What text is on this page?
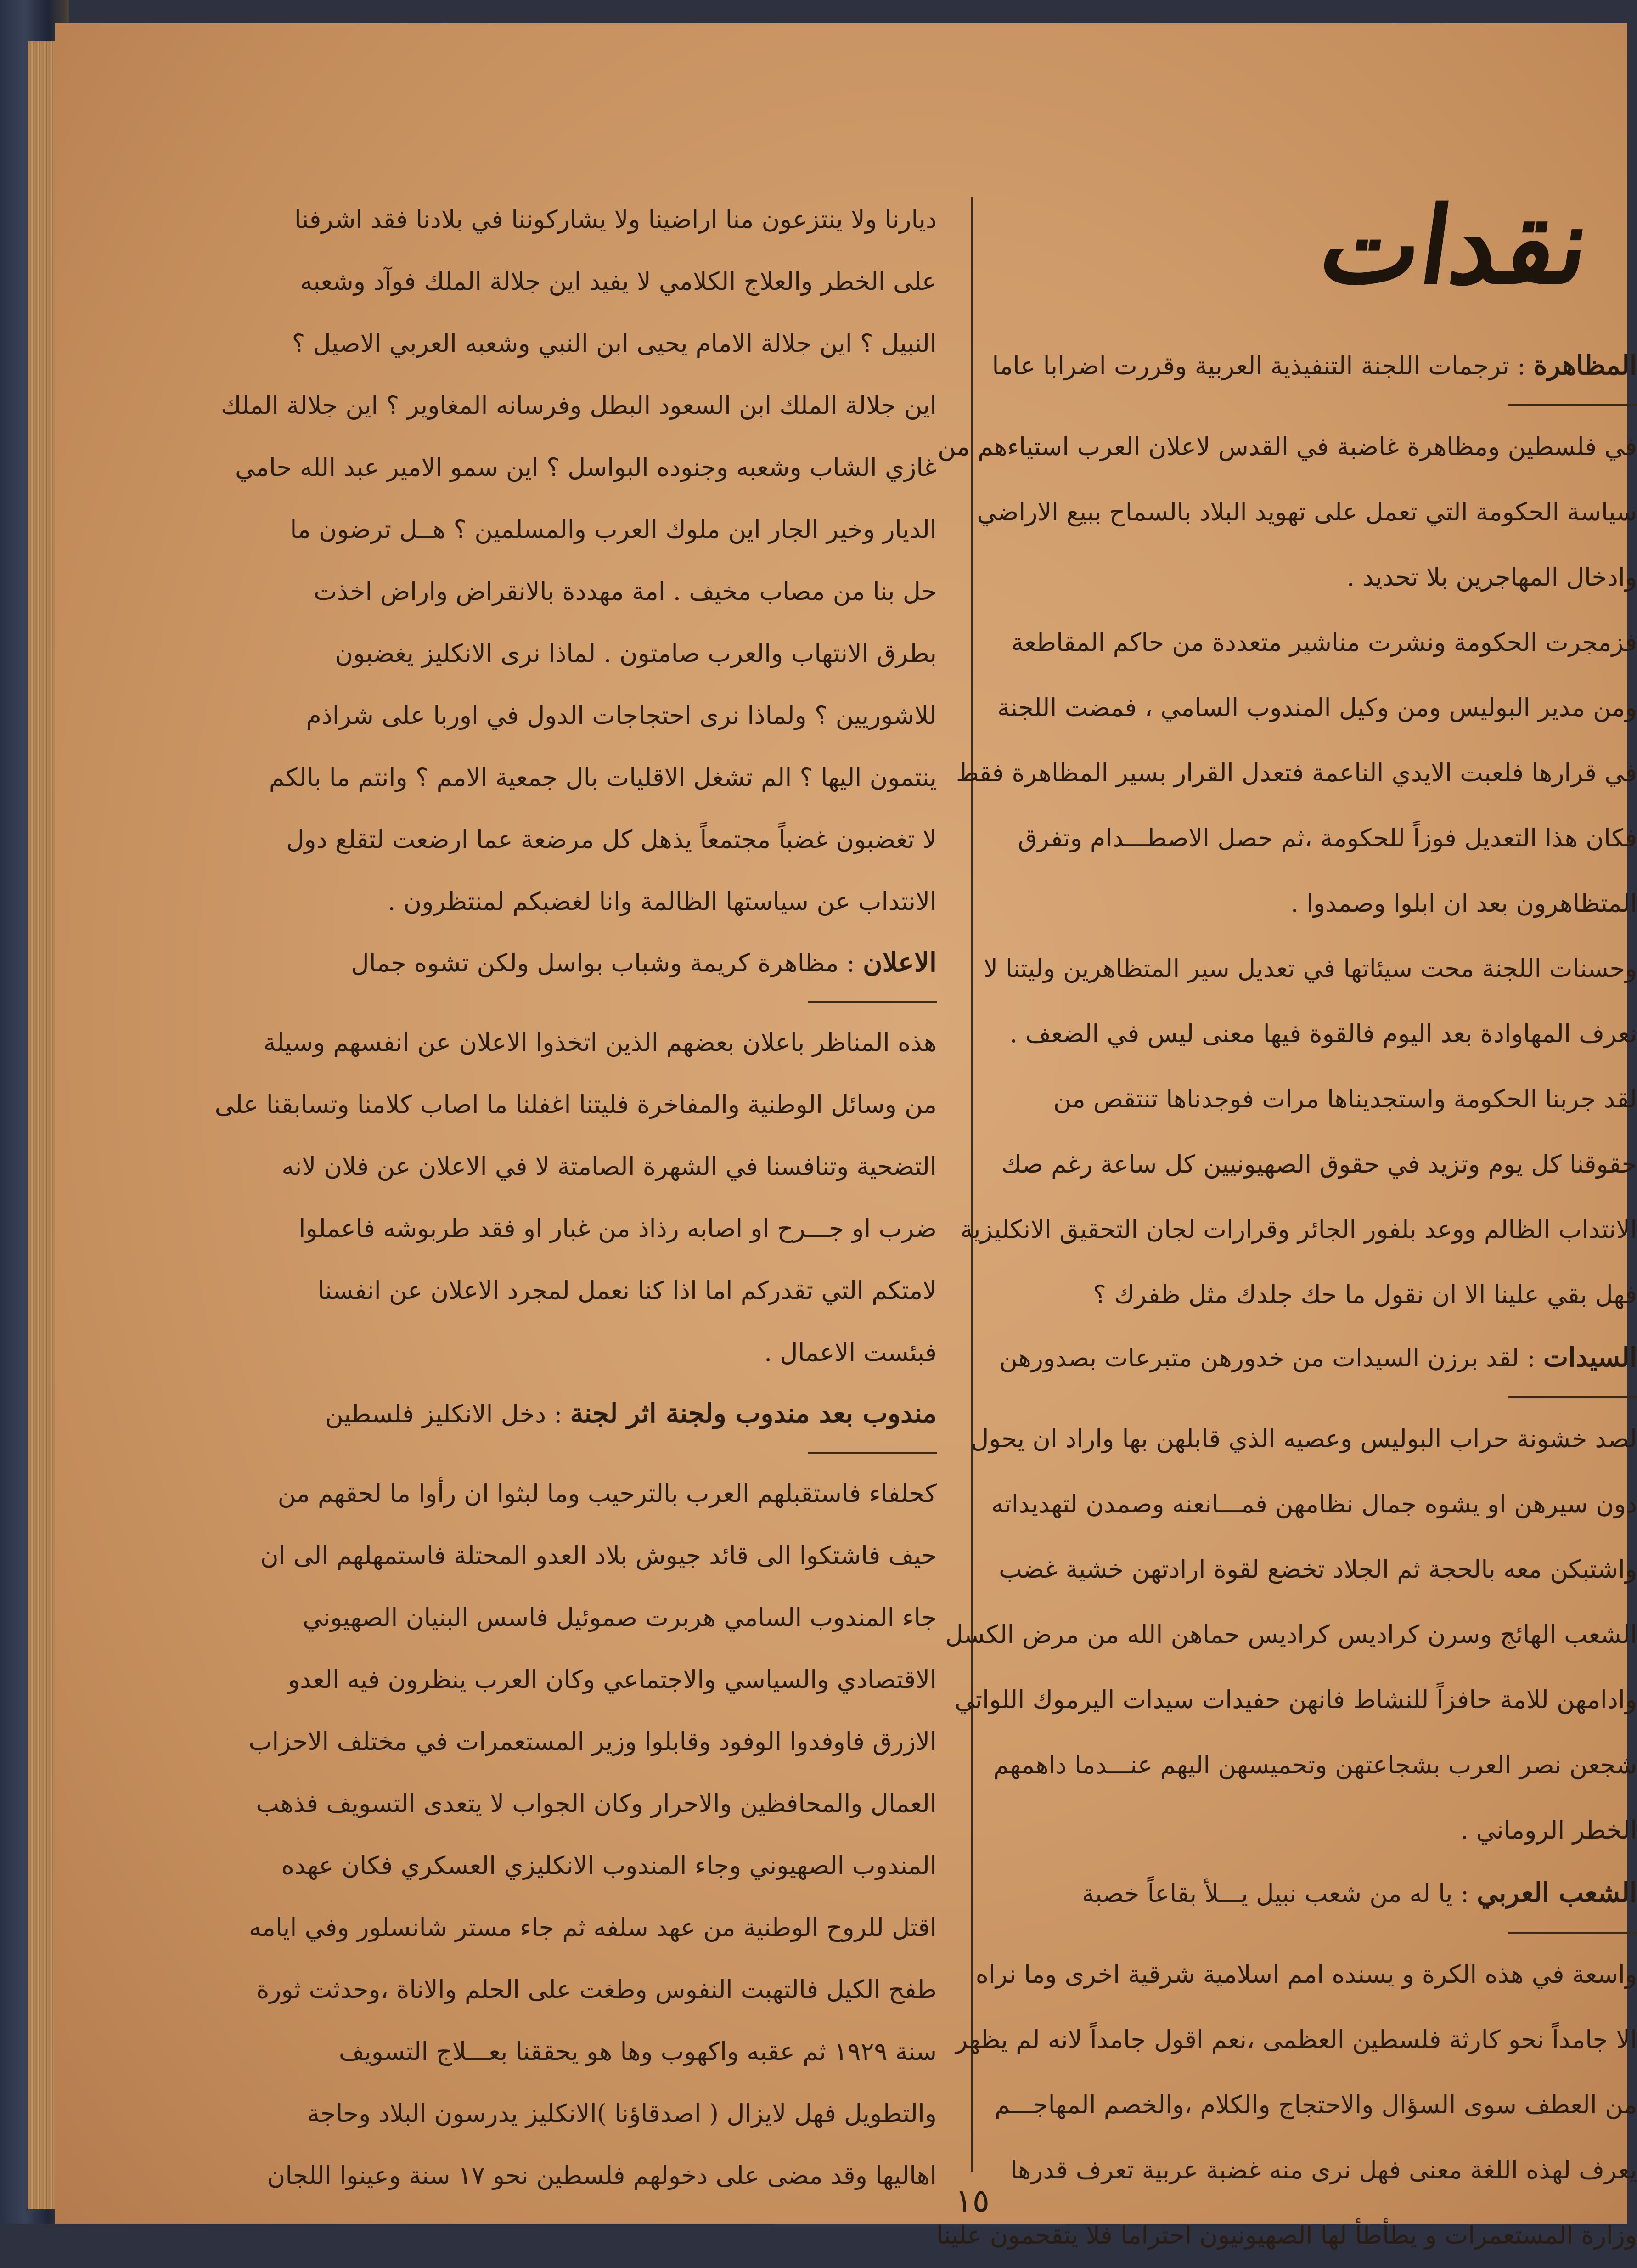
نقدات
المظاهرة : ترجمات اللجنة التنفيذية العربية وقررت اضرابا عاما

في فلسطين ومظاهرة غاضبة في القدس لاعلان العرب استياءهم من

سياسة الحكومة التي تعمل على تهويد البلاد بالسماح ببيع الاراضي

وادخال المهاجرين بلا تحديد .

فزمجرت الحكومة ونشرت مناشير متعددة من حاكم المقاطعة

ومن مدير البوليس ومن وكيل المندوب السامي ، فمضت اللجنة

في قرارها فلعبت الايدي الناعمة فتعدل القرار بسير المظاهرة فقط

فكان هذا التعديل فوزاً للحكومة ،ثم حصل الاصطـــدام وتفرق

المتظاهرون بعد ان ابلوا وصمدوا .

وحسنات اللجنة محت سيئاتها في تعديل سير المتظاهرين وليتنا لا

نعرف المهاوادة بعد اليوم فالقوة فيها معنى ليس في الضعف .

لقد جربنا الحكومة واستجديناها مرات فوجدناها تنتقص من

حقوقنا كل يوم وتزيد في حقوق الصهيونيين كل ساعة رغم صك

الانتداب الظالم ووعد بلفور الجائر وقرارات لجان التحقيق الانكليزية

فهل بقي علينا الا ان نقول ما حك جلدك مثل ظفرك ؟

السيدات : لقد برزن السيدات من خدورهن متبرعات بصدورهن

لصد خشونة حراب البوليس وعصيه الذي قابلهن بها واراد ان يحول

دون سيرهن او يشوه جمال نظامهن فمـــانعنه وصمدن لتهديداته

واشتبكن معه بالحجة ثم الجلاد تخضع لقوة ارادتهن خشية غضب

الشعب الهائج وسرن كراديس كراديس حماهن الله من مرض الكسل

وادامهن للامة حافزاً للنشاط فانهن حفيدات سيدات اليرموك اللواتي

شجعن نصر العرب بشجاعتهن وتحميسهن اليهم عنـــدما داهمهم

الخطر الروماني .

الشعب العربي : يا له من شعب نبيل يـــلأ بقاعاً خصبة

واسعة في هذه الكرة و يسنده امم اسلامية شرقية اخرى وما نراه

الا جامداً نحو كارثة فلسطين العظمى ،نعم اقول جامداً لانه لم يظهر

من العطف سوى السؤال والاحتجاج والكلام ،والخصم المهاجـــم

يعرف لهذه اللغة معنى فهل نرى منه غضبة عربية تعرف قدرها

وزارة المستعمرات و يطأطأ لها الصهيونيون احتراما فلا يتقحمون علينا

ديارنا ولا ينتزعون منا اراضينا ولا يشاركوننا في بلادنا فقد اشرفنا

على الخطر والعلاج الكلامي لا يفيد اين جلالة الملك فوآد وشعبه

النبيل ؟ اين جلالة الامام يحيى ابن النبي وشعبه العربي الاصيل ؟

اين جلالة الملك ابن السعود البطل وفرسانه المغاوير ؟ اين جلالة الملك

غازي الشاب وشعبه وجنوده البواسل ؟ اين سمو الامير عبد الله حامي

الديار وخير الجار اين ملوك العرب والمسلمين ؟ هــل ترضون ما

حل بنا من مصاب مخيف . امة مهددة بالانقراض واراض اخذت

بطرق الانتهاب والعرب صامتون . لماذا نرى الانكليز يغضبون

للاشوريين ؟ ولماذا نرى احتجاجات الدول في اوربا على شراذم

ينتمون اليها ؟ الم تشغل الاقليات بال جمعية الامم ؟ وانتم ما بالكم

لا تغضبون غضباً مجتمعاً يذهل كل مرضعة عما ارضعت لتقلع دول

الانتداب عن سياستها الظالمة وانا لغضبكم لمنتظرون .

الاعلان : مظاهرة كريمة وشباب بواسل ولكن تشوه جمال

هذه المناظر باعلان بعضهم الذين اتخذوا الاعلان عن انفسهم وسيلة

من وسائل الوطنية والمفاخرة فليتنا اغفلنا ما اصاب كلامنا وتسابقنا على

التضحية وتنافسنا في الشهرة الصامتة لا في الاعلان عن فلان لانه

ضرب او جـــرح او اصابه رذاذ من غبار او فقد طربوشه فاعملوا

لامتكم التي تقدركم اما اذا كنا نعمل لمجرد الاعلان عن انفسنا

فبئست الاعمال .

مندوب بعد مندوب ولجنة اثر لجنة : دخل الانكليز فلسطين

كحلفاء فاستقبلهم العرب بالترحيب وما لبثوا ان رأوا ما لحقهم من

حيف فاشتكوا الى قائد جيوش بلاد العدو المحتلة فاستمهلهم الى ان

جاء المندوب السامي هربرت صموئيل فاسس البنيان الصهيوني

الاقتصادي والسياسي والاجتماعي وكان العرب ينظرون فيه العدو

الازرق فاوفدوا الوفود وقابلوا وزير المستعمرات في مختلف الاحزاب

العمال والمحافظين والاحرار وكان الجواب لا يتعدى التسويف فذهب

المندوب الصهيوني وجاء المندوب الانكليزي العسكري فكان عهده

اقتل للروح الوطنية من عهد سلفه ثم جاء مستر شانسلور وفي ايامه

طفح الكيل فالتهبت النفوس وطغت على الحلم والاناة ،وحدثت ثورة

سنة ١٩٢٩ ثم عقبه واكهوب وها هو يحققنا بعـــلاج التسويف

والتطويل فهل لايزال ( اصدقاؤنا )الانكليز يدرسون البلاد وحاجة

اهاليها وقد مضى على دخولهم فلسطين نحو ١٧ سنة وعينوا اللجان

١٥
